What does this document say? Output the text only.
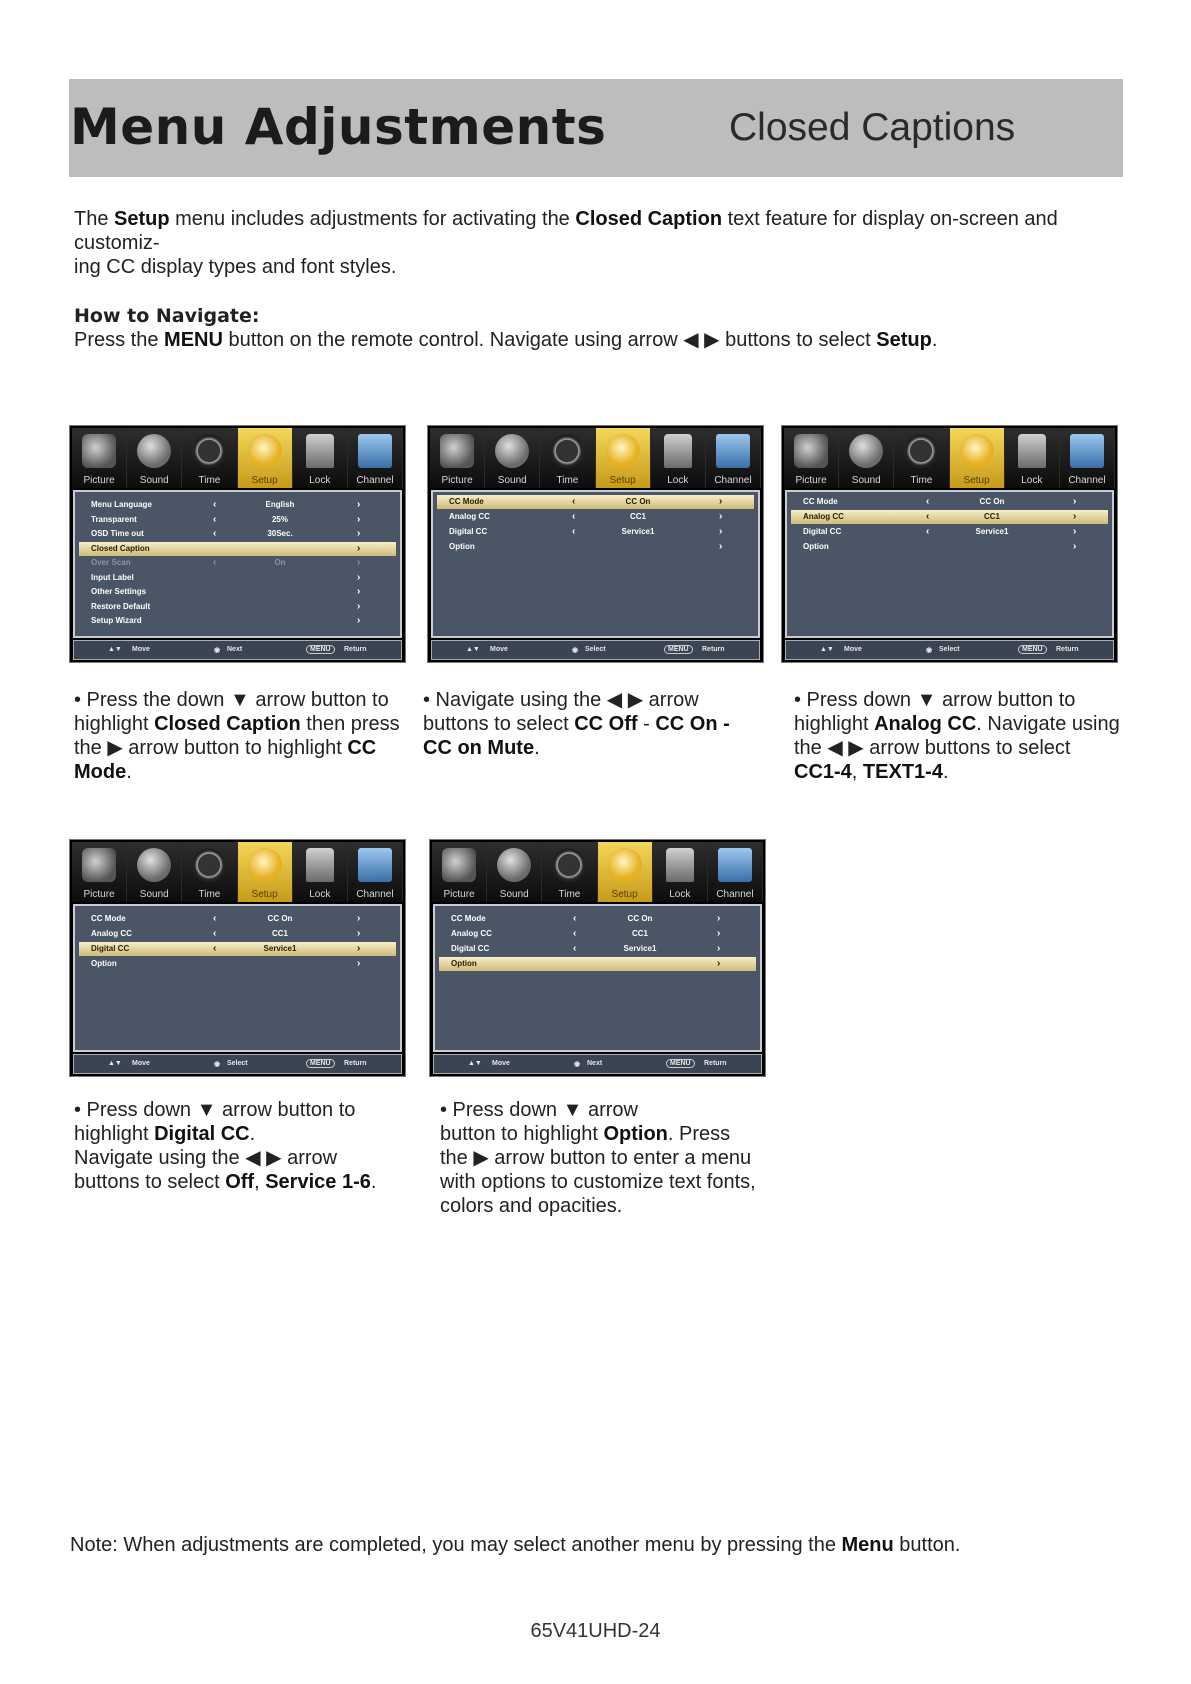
Menu Adjustments	Closed Captions
The Setup menu includes adjustments for activating the Closed Caption text feature for display on-screen and customiz-
ing CC display types and font styles.
How to Navigate:
Press the MENU button on the remote control. Navigate using arrow ◀ ▶ buttons to select Setup.
Picture	Sound	Time	Setup	Lock	Channel
Menu Language	‹	English	›
Transparent	‹	25%	›
OSD Time out	‹	30Sec.	›
Closed Caption	›
Over Scan	‹	On	›
Input Label	›
Other Settings	›
Restore Default	›
Setup Wizard	›
▲▼ Move	◉ Next	MENU	Return
Picture	Sound	Time	Setup	Lock	Channel
CC Mode	‹	CC On	›
Analog CC	‹	CC1	›
Digital CC	‹	Service1	›
Option	›
▲▼ Move	◉ Select	MENU	Return
Picture	Sound	Time	Setup	Lock	Channel
CC Mode	‹	CC On	›
Analog CC	‹	CC1	›
Digital CC	‹	Service1	›
Option	›
▲▼ Move	◉ Select	MENU	Return
Picture	Sound	Time	Setup	Lock	Channel
CC Mode	‹	CC On	›
Analog CC	‹	CC1	›
Digital CC	‹	Service1	›
Option	›
▲▼ Move	◉ Select	MENU	Return
Picture	Sound	Time	Setup	Lock	Channel
CC Mode	‹	CC On	›
Analog CC	‹	CC1	›
Digital CC	‹	Service1	›
Option	›
▲▼ Move	◉ Next	MENU	Return
• Press the down ▼ arrow button to
highlight Closed Caption then press
the ▶ arrow button to highlight CC
Mode.
• Navigate using the ◀ ▶ arrow
buttons to select CC Off - CC On -
CC on Mute.
• Press down ▼ arrow button to
highlight Analog CC. Navigate using
the ◀ ▶ arrow buttons to select
CC1-4, TEXT1-4.
• Press down ▼ arrow button to
highlight Digital CC.
Navigate using the ◀ ▶ arrow
buttons to select Off, Service 1-6.
• Press down ▼ arrow
button to highlight Option. Press
the ▶ arrow button to enter a menu
with options to customize text fonts,
colors and opacities.
Note: When adjustments are completed, you may select another menu by pressing the Menu button.
65V41UHD-24
